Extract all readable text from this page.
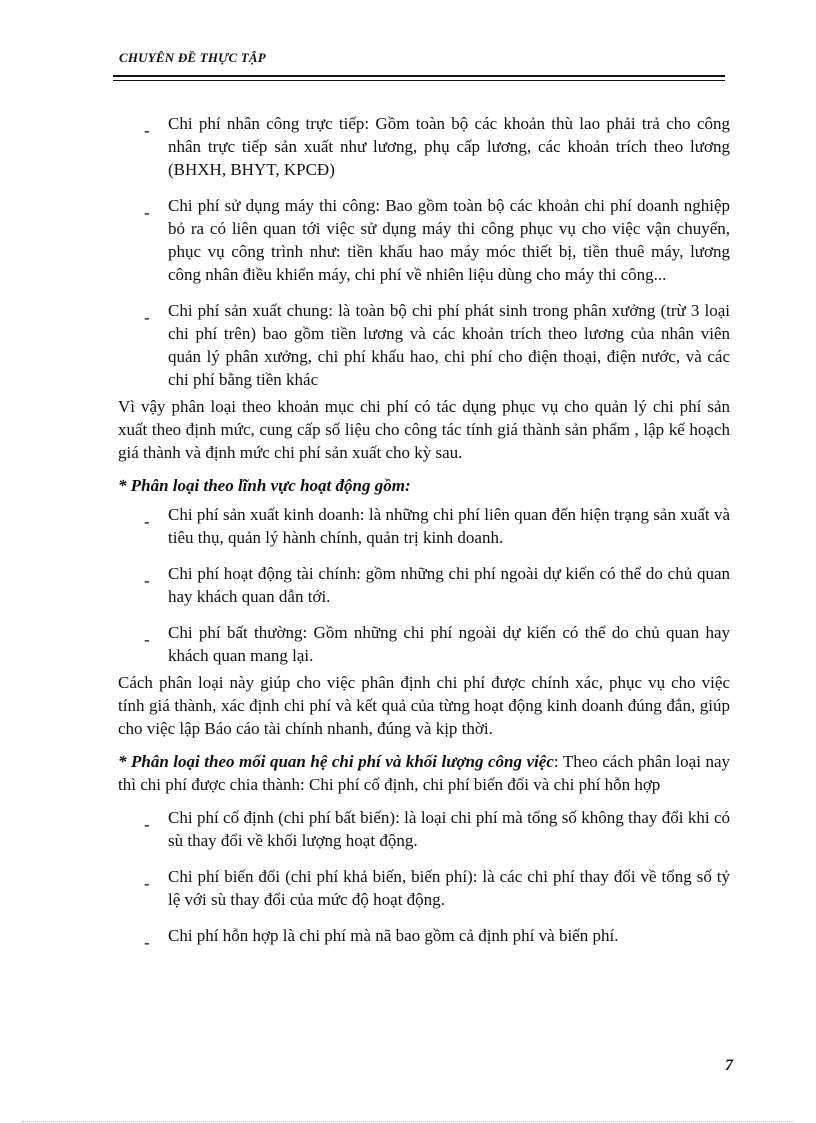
CHUYÊN ĐỀ THỰC TẬP
- Chi phí nhân công trực tiếp: Gồm toàn bộ các khoản thù lao phải trả cho công nhân trực tiếp sản xuất như lương, phụ cấp lương, các khoản trích theo lương (BHXH, BHYT, KPCĐ)
- Chi phí sử dụng máy thi công: Bao gồm toàn bộ các khoản chi phí doanh nghiệp bỏ ra có liên quan tới việc sử dụng máy thi công phục vụ cho việc vận chuyển, phục vụ công trình như: tiền khấu hao máy móc thiết bị, tiền thuê máy, lương công nhân điều khiển máy, chi phí về nhiên liệu dùng cho máy thi công...
- Chi phí sản xuất chung: là toàn bộ chi phí phát sinh trong phân xưởng (trừ 3 loại chi phí trên) bao gồm tiền lương và các khoản trích theo lương của nhân viên quản lý phân xưởng, chi phí khấu hao, chi phí cho điện thoại, điện nước, và các chi phí bằng tiền khác

Vì vậy phân loại theo khoản mục chi phí có tác dụng phục vụ cho quản lý chi phí sản xuất theo định mức, cung cấp số liệu cho công tác tính giá thành sản phẩm , lập kế hoạch giá thành và định mức chi phí sản xuất cho kỳ sau.

* Phân loại theo lĩnh vực hoạt động gồm:

- Chi phí sản xuất kinh doanh: là những chi phí liên quan đến hiện trạng sản xuất và tiêu thụ, quản lý hành chính, quản trị kinh doanh.
- Chi phí hoạt động tài chính: gồm những chi phí ngoài dự kiến có thể do chủ quan hay khách quan dẫn tới.
- Chi phí bất thường: Gồm những chi phí ngoài dự kiến có thể do chủ quan hay khách quan mang lại.

Cách phân loại này giúp cho việc phân định chi phí được chính xác, phục vụ cho việc tính giá thành, xác định chi phí và kết quả của từng hoạt động kinh doanh đúng đắn, giúp cho việc lập Báo cáo tài chính nhanh, đúng và kịp thời.

* Phân loại theo mối quan hệ chi phí và khối lượng công việc: Theo cách phân loại nay thì chi phí được chia thành: Chi phí cố định, chi phí biến đổi và chi phí hỗn hợp

- Chi phí cố định (chi phí bất biến): là loại chi phí mà tổng số không thay đổi khi có sù thay đổi về khối lượng hoạt động.
- Chi phí biến đổi (chi phí khả biến, biến phí): là các chi phí thay đổi về tổng số tỷ lệ với sù thay đổi của mức độ hoạt động.
- Chi phí hỗn hợp là chi phí mà nã bao gồm cả định phí và biến phí.
7
